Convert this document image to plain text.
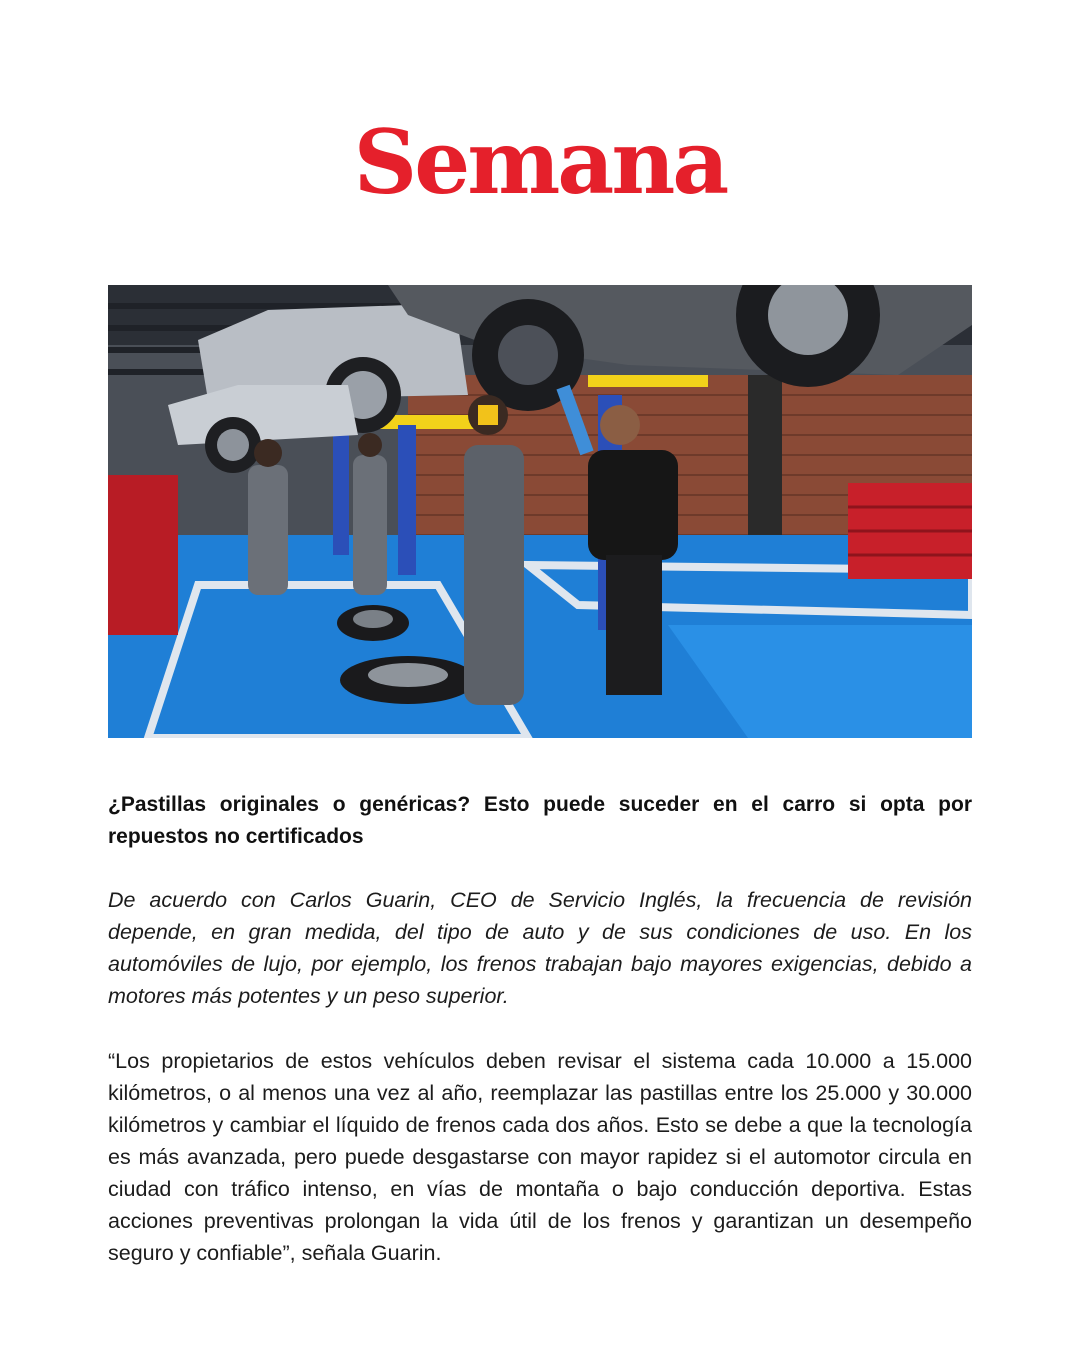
Semana

¿Pastillas originales o genéricas? Esto puede suceder en el carro si opta por repuestos no certificados

De acuerdo con Carlos Guarin, CEO de Servicio Inglés, la frecuencia de revisión depende, en gran medida, del tipo de auto y de sus condiciones de uso. En los automóviles de lujo, por ejemplo, los frenos trabajan bajo mayores exigencias, debido a motores más potentes y un peso superior.

“Los propietarios de estos vehículos deben revisar el sistema cada 10.000 a 15.000 kilómetros, o al menos una vez al año, reemplazar las pastillas entre los 25.000 y 30.000 kilómetros y cambiar el líquido de frenos cada dos años. Esto se debe a que la tecnología es más avanzada, pero puede desgastarse con mayor rapidez si el automotor circula en ciudad con tráfico intenso, en vías de montaña o bajo conducción deportiva. Estas acciones preventivas prolongan la vida útil de los frenos y garantizan un desempeño seguro y confiable”, señala Guarin.
